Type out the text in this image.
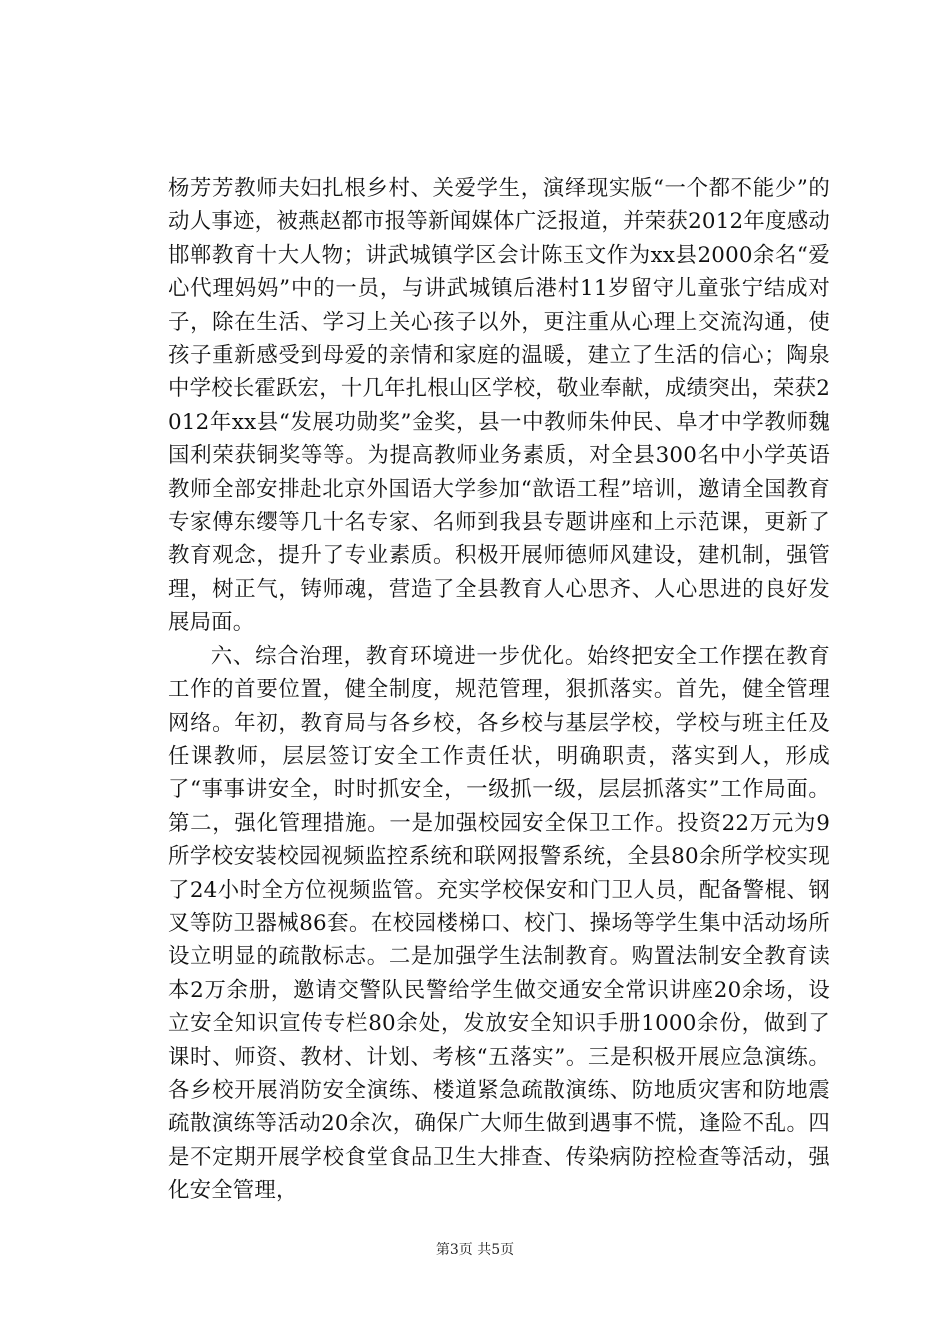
杨芳芳教师夫妇扎根乡村、关爱学生，演绎现实版“一个都不能少”的动人事迹，被燕赵都市报等新闻媒体广泛报道，并荣获2012年度感动邯郸教育十大人物；讲武城镇学区会计陈玉文作为xx县2000余名“爱心代理妈妈”中的一员，与讲武城镇后港村11岁留守儿童张宁结成对子，除在生活、学习上关心孩子以外，更注重从心理上交流沟通，使孩子重新感受到母爱的亲情和家庭的温暖，建立了生活的信心；陶泉中学校长霍跃宏，十几年扎根山区学校，敬业奉献，成绩突出，荣获2012年xx县“发展功勋奖”金奖，县一中教师朱仲民、阜才中学教师魏国利荣获铜奖等等。为提高教师业务素质，对全县300名中小学英语教师全部安排赴北京外国语大学参加“歆语工程”培训，邀请全国教育专家傅东缨等几十名专家、名师到我县专题讲座和上示范课，更新了教育观念，提升了专业素质。积极开展师德师风建设，建机制，强管理，树正气，铸师魂，营造了全县教育人心思齐、人心思进的良好发展局面。

六、综合治理，教育环境进一步优化。始终把安全工作摆在教育工作的首要位置，健全制度，规范管理，狠抓落实。首先，健全管理网络。年初，教育局与各乡校，各乡校与基层学校，学校与班主任及任课教师，层层签订安全工作责任状，明确职责，落实到人，形成了“事事讲安全，时时抓安全，一级抓一级，层层抓落实”工作局面。第二，强化管理措施。一是加强校园安全保卫工作。投资22万元为9所学校安装校园视频监控系统和联网报警系统，全县80余所学校实现了24小时全方位视频监管。充实学校保安和门卫人员，配备警棍、钢叉等防卫器械86套。在校园楼梯口、校门、操场等学生集中活动场所设立明显的疏散标志。二是加强学生法制教育。购置法制安全教育读本2万余册，邀请交警队民警给学生做交通安全常识讲座20余场，设立安全知识宣传专栏80余处，发放安全知识手册1000余份，做到了课时、师资、教材、计划、考核“五落实”。三是积极开展应急演练。各乡校开展消防安全演练、楼道紧急疏散演练、防地质灾害和防地震疏散演练等活动20余次，确保广大师生做到遇事不慌，逢险不乱。四是不定期开展学校食堂食品卫生大排查、传染病防控检查等活动，强化安全管理，

第3页 共5页
